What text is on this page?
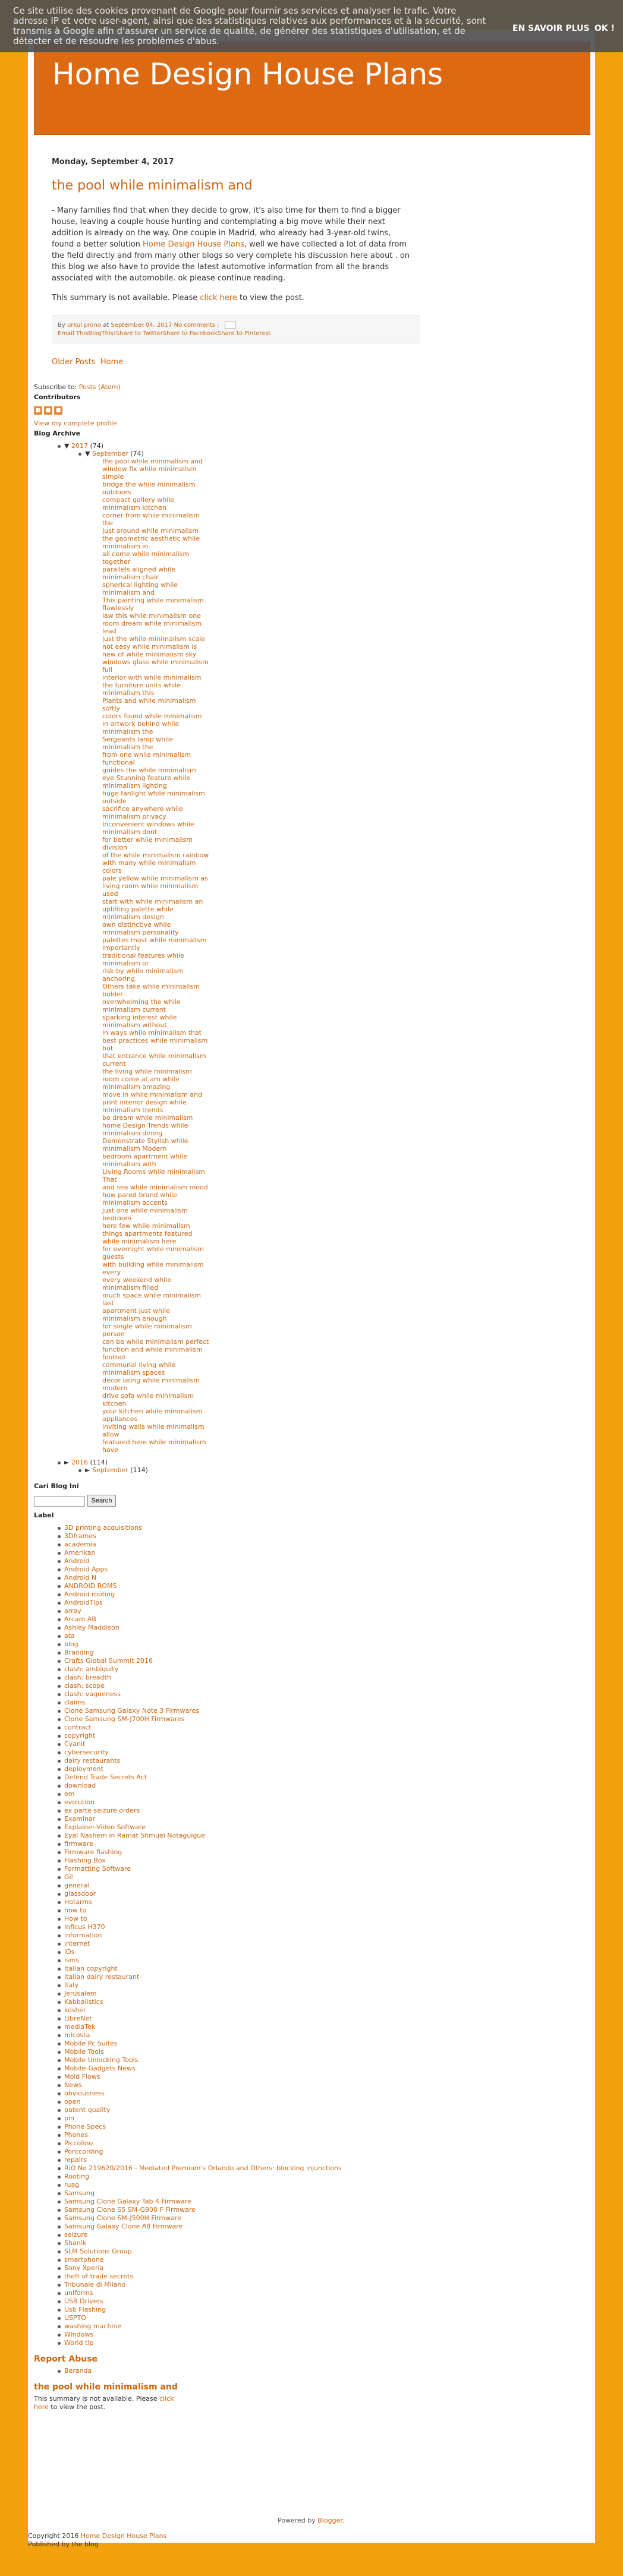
Ce site utilise des cookies provenant de Google pour fournir ses services et analyser le trafic. Votre adresse IP et votre user-agent, ainsi que des statistiques relatives aux performances et à la sécurité, sont transmis à Google afin d'assurer un service de qualité, de générer des statistiques d'utilisation, et de détecter et de résoudre les problèmes d'abus.
EN SAVOIR PLUS OK !
Home Design House Plans
Monday, September 4, 2017
the pool while minimalism and

- Many families find that when they decide to grow, it's also time for them to find a bigger house, leaving a couple house hunting and contemplating a big move while their next addition is already on the way. One couple in Madrid, who already had 3-year-old twins, found a better solution Home Design House Plans, well we have collected a lot of data from the field directly and from many other blogs so very complete his discussion here about . on this blog we also have to provide the latest automotive information from all the brands associated with the automobile. ok please continue reading.

This summary is not available. Please click here to view the post.

By urkul prono at September 04, 2017 No comments :
Email ThisBlogThis!Share to TwitterShare to FacebookShare to Pinterest
Older Posts Home
Subscribe to: Posts (Atom)
Contributors
■ ■ ■
View my complete profile
Blog Archive
▼ 2017 (74)
▼ September (74)
the pool while minimalism and
window fix while minimalism simple
bridge the while minimalism outdoors
compact gallery while minimalism kitchen
corner from while minimalism the
Just around while minimalism the geometric aesthetic while minimalism in
all come while minimalism together
parallels aligned while minimalism chair
spherical lighting while minimalism and
This painting while minimalism flawlessly
law this while minimalism one room dream while minimalism lead
just the while minimalism scale not easy while minimalism is
new of while minimalism sky windows glass while minimalism full
interior with while minimalism the furniture units while minimalism this
Plants and while minimalism softly
colors found while minimalism in artwork behind while minimalism the
Sergeants lamp while minimalism the
from one while minimalism functional
guides the while minimalism eye Stunning feature while minimalism lighting
huge fanlight while minimalism outside
sacrifice anywhere while minimalism privacy
Inconvenient windows while minimalism dont
for better while minimalism division
of the while minimalism rainbow with many while minimalism colors
pale yellow while minimalism as living room while minimalism used
start with while minimalism an uplifting palette while minimalism design
own distinctive while minimalism personality
palettes most while minimalism importantly
traditional features while minimalism or
risk by while minimalism anchoring
Others take while minimalism bolder
overwhelming the while minimalism current
sparking interest while minimalism without
in ways while minimalism that best practices while minimalism but
that entrance while minimalism current
the living while minimalism room come at am while minimalism amazing
move in while minimalism and print interior design while minimalism trends
be dream while minimalism home Design Trends while minimalism dining
Demonstrate Stylish while minimalism Modern
bedroom apartment while minimalism with
Living Rooms while minimalism That
and sea while minimalism mood how pared brand while minimalism accents
just one while minimalism bedroom
here few while minimalism things apartments featured while minimalism here
for overnight while minimalism guests
with building while minimalism every
every weekend while minimalism filled
much space while minimalism last
apartment just while minimalism enough
for single while minimalism person
can be while minimalism perfect function and while minimalism footnot
communal living while minimalism spaces
decor using while minimalism modern
drive sofa while minimalism kitchen
your kitchen while minimalism appliances
inviting walls while minimalism allow
featured here while minimalism have
► 2016 (114)
► September (114)
Cari Blog Ini
Search
Label
3D printing acquisitions
3Dframes
academia
Amerikan
Android
Android Apps
Android N
ANDROID ROMS
Android rooting
AndroidTips
array
Arcam AB
Ashley Maddison
ata
blog
Branding
Crafts Global Summit 2016
clash: ambiguity
clash: breadth
clash: scope
clash: vagueness
claims
Clone Samsung Galaxy Note 3 Firmwares
Clone Samsung SM-J700H Firmwares
contract
copyright
Cyanit
cybersecurity
dairy restaurants
deployment
Defend Trade Secrets Act
download
em
evolution
ex parte seizure orders
Examinar
Explainer-Video Software
Eyal Nashem in Ramat Shmuel Notaguigue
firmware
Firmware flashing
Flashing Box
Formatting Software
Gil
general
glassdoor
Hotarms
how to
How to
Inficus H370
information
internet
iOs
isms
Italian copyright
Italian dairy restaurant
Italy
Jerusalem
Kabbalistics
kosher
LibreNet
mediaTek
micosta
Mobile Pc Suites
Mobile Tools
Mobile Unlocking Tools
Mobile-Gadgets News
Mold Flows
News
obviousness
open
patent quality
pin
Phone Specs
Phones
Piccolino
Pontcording
repairs
RiO No 219620/2016 - Mediated Premium's Orlando and Others: blocking injunctions
Rooting
ruag
Samsung
Samsung Clone Galaxy Tab 4 Firmware
Samsung Clone S5 SM-G900 F Firmware
Samsung Clone SM-J500H Firmware
Samsung Galaxy Clone A8 Firmware
seizure
Shanik
SLM Solutions Group
smartphone
Sony Xperia
theft of trade secrets
Tribunale di Milano
uniforms
USB Drivers
Usb Flashing
USPTO
washing machine
Windows
World tip
Report Abuse
Beranda
the pool while minimalism and
This summary is not available. Please click here to view the post.
Powered by Blogger.
Copyright 2016 Home Design House Plans
Published by the blog
